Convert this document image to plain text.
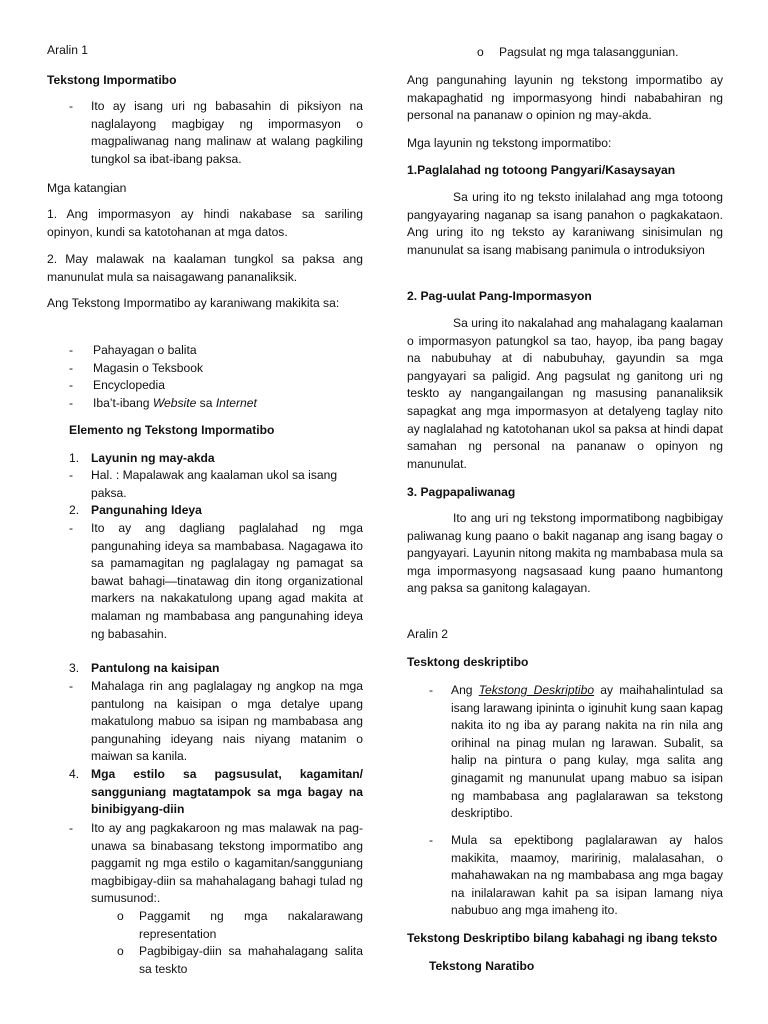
Aralin 1

Tekstong Impormatibo

- Ito ay isang uri ng babasahin di piksiyon na naglalayong magbigay ng impormasyon o magpaliwanag nang malinaw at walang pagkiling tungkol sa ibat-ibang paksa.

Mga katangian

1. Ang impormasyon ay hindi nakabase sa sariling opinyon, kundi sa katotohanan at mga datos.

2. May malawak na kaalaman tungkol sa paksa ang manunulat mula sa naisagawang pananaliksik.

Ang Tekstong Impormatibo ay karaniwang makikita sa:

- Pahayagan o balita
- Magasin o Teksbook
- Encyclopedia
- Iba’t-ibang Website sa Internet

Elemento ng Tekstong Impormatibo

1. Layunin ng may-akda

- Hal. : Mapalawak ang kaalaman ukol sa isang paksa.

2. Pangunahing Ideya

- Ito ay ang dagliang paglalahad ng mga pangunahing ideya sa mambabasa. Nagagawa ito sa pamamagitan ng paglalagay ng pamagat sa bawat bahagi—tinatawag din itong organizational markers na nakakatulong upang agad makita at malaman ng mambabasa ang pangunahing ideya ng babasahin.

3. Pantulong na kaisipan

- Mahalaga rin ang paglalagay ng angkop na mga pantulong na kaisipan o mga detalye upang makatulong mabuo sa isipan ng mambabasa ang pangunahing ideyang nais niyang matanim o maiwan sa kanila.

4. Mga estilo sa pagsusulat, kagamitan/ sangguniang magtatampok sa mga bagay na binibigyang-diin

- Ito ay ang pagkakaroon ng mas malawak na pag-unawa sa binabasang tekstong impormatibo ang paggamit ng mga estilo o kagamitan/sangguniang magbibigay-diin sa mahahalagang bahagi tulad ng sumusunod:.

o Paggamit ng mga nakalarawang representation

o Pagbibigay-diin sa mahahalagang salita sa teskto

o Pagsulat ng mga talasanggunian.

Ang pangunahing layunin ng tekstong impormatibo ay makapaghatid ng impormasyong hindi nababahiran ng personal na pananaw o opinion ng may-akda.

Mga layunin ng tekstong impormatibo:

1.Paglalahad ng totoong Pangyari/Kasaysayan

Sa uring ito ng teksto inilalahad ang mga totoong pangyayaring naganap sa isang panahon o pagkakataon. Ang uring ito ng teksto ay karaniwang sinisimulan ng manunulat sa isang mabisang panimula o introduksiyon

2. Pag-uulat Pang-Impormasyon

Sa uring ito nakalahad ang mahalagang kaalaman o impormasyon patungkol sa tao, hayop, iba pang bagay na nabubuhay at di nabubuhay, gayundin sa mga pangyayari sa paligid. Ang pagsulat ng ganitong uri ng teskto ay nangangailangan ng masusing pananaliksik sapagkat ang mga impormasyon at detalyeng taglay nito ay naglalahad ng katotohanan ukol sa paksa at hindi dapat samahan ng personal na pananaw o opinyon ng manunulat.

3. Pagpapaliwanag

Ito ang uri ng tekstong impormatibong nagbibigay paliwanag kung paano o bakit naganap ang isang bagay o pangyayari. Layunin nitong makita ng mambabasa mula sa mga impormasyong nagsasaad kung paano humantong ang paksa sa ganitong kalagayan.

Aralin 2

Tesktong deskriptibo

- Ang Tekstong Deskriptibo ay maihahalintulad sa isang larawang ipininta o iginuhit kung saan kapag nakita ito ng iba ay parang nakita na rin nila ang orihinal na pinag mulan ng larawan. Subalit, sa halip na pintura o pang kulay, mga salita ang ginagamit ng manunulat upang mabuo sa isipan ng mambabasa ang paglalarawan sa tekstong deskriptibo.

- Mula sa epektibong paglalarawan ay halos makikita, maamoy, maririnig, malalasahan, o mahahawakan na ng mambabasa ang mga bagay na inilalarawan kahit pa sa isipan lamang niya nabubuo ang mga imaheng ito.

Tekstong Deskriptibo bilang kabahagi ng ibang teksto

Tekstong Naratibo
